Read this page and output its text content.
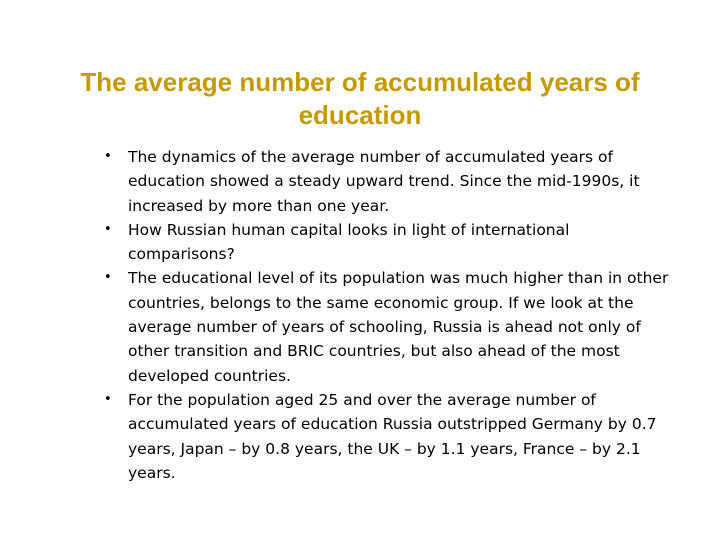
The average number of accumulated years of
education
• The dynamics of the average number of accumulated years of
education showed a steady upward trend. Since the mid-1990s, it
increased by more than one year.
• How Russian human capital looks in light of international
comparisons?
• The educational level of its population was much higher than in other
countries, belongs to the same economic group. If we look at the
average number of years of schooling, Russia is ahead not only of
other transition and BRIC countries, but also ahead of the most
developed countries.
• For the population aged 25 and over the average number of
accumulated years of education Russia outstripped Germany by 0.7
years, Japan – by 0.8 years, the UK – by 1.1 years, France – by 2.1
years.
